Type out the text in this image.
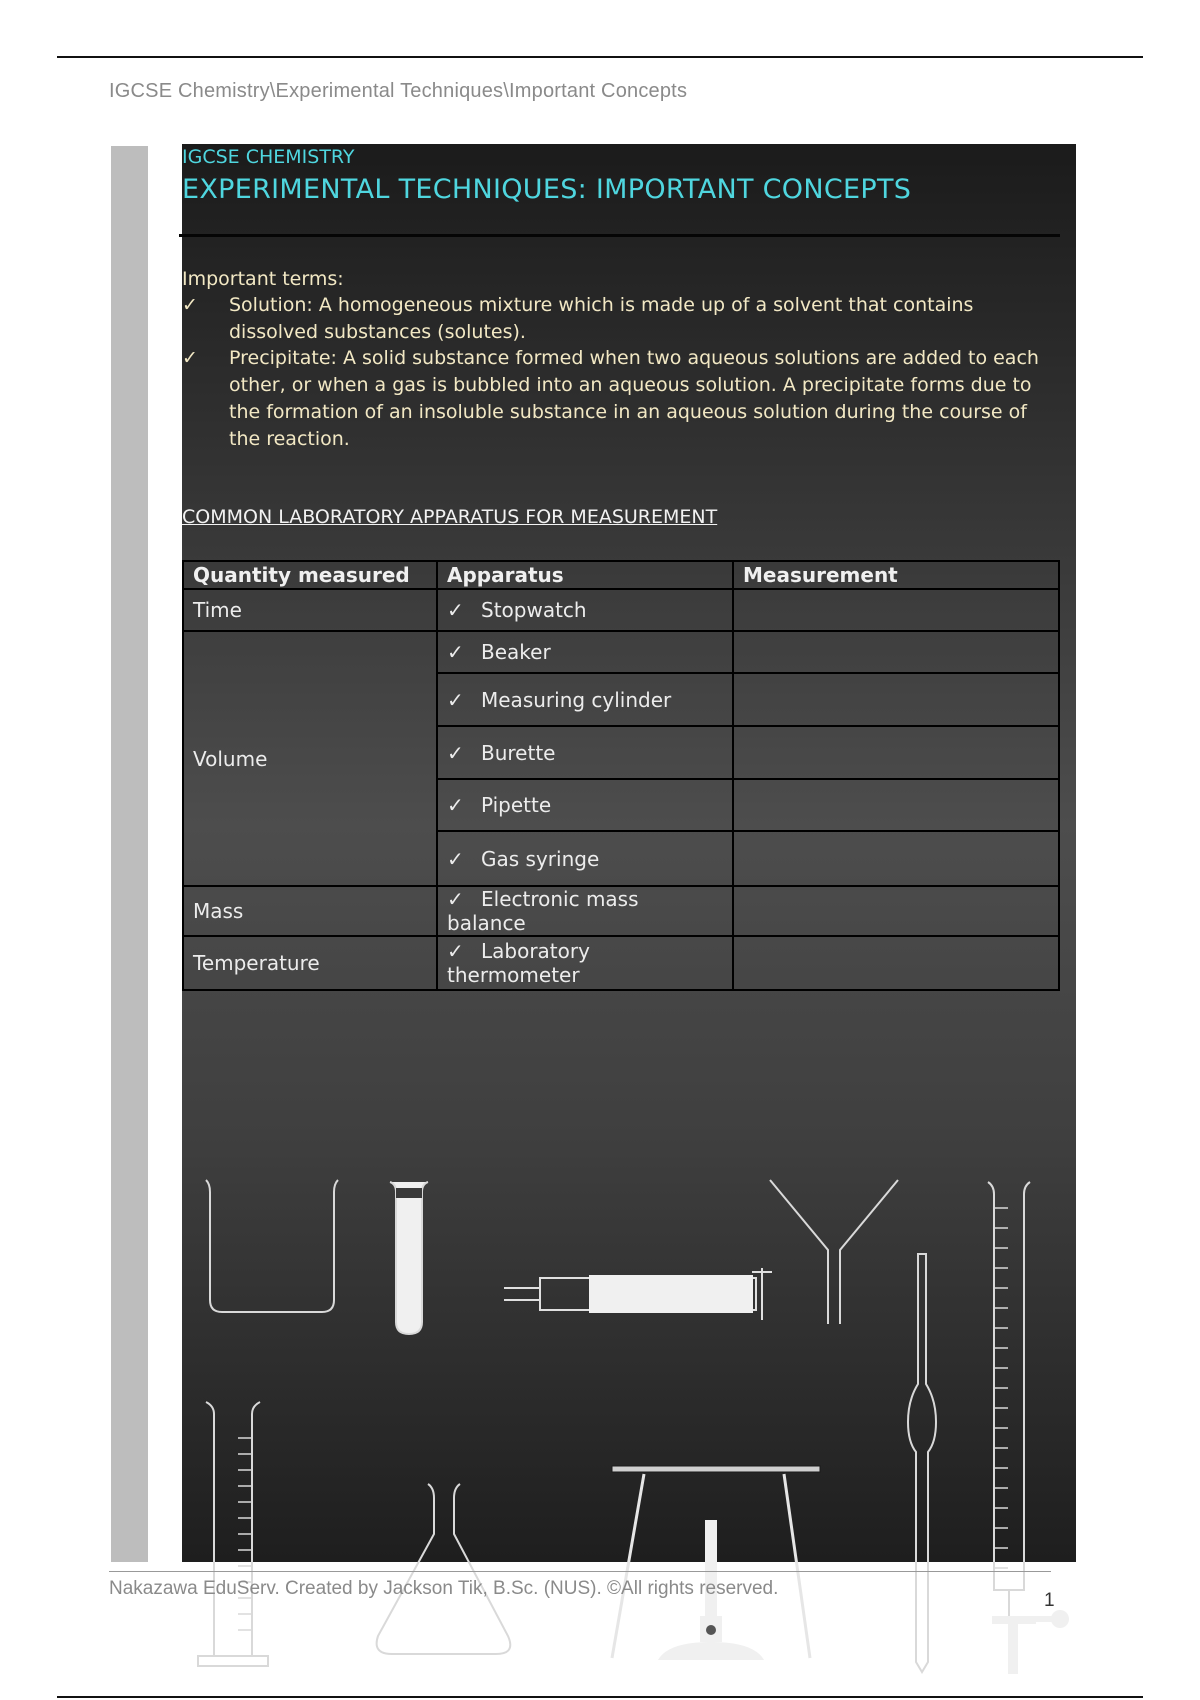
IGCSE Chemistry\Experimental Techniques\Important Concepts
IGCSE CHEMISTRY
EXPERIMENTAL TECHNIQUES: IMPORTANT CONCEPTS
Important terms:
✓	Solution: A homogeneous mixture which is made up of a solvent that contains dissolved substances (solutes).
✓	Precipitate: A solid substance formed when two aqueous solutions are added to each other, or when a gas is bubbled into an aqueous solution. A precipitate forms due to the formation of an insoluble substance in an aqueous solution during the course of the reaction.
COMMON LABORATORY APPARATUS FOR MEASUREMENT
Quantity measured	Apparatus	Measurement
Time	✓ Stopwatch	
Volume	✓ Beaker	
	✓ Measuring cylinder	
	✓ Burette	
	✓ Pipette	
	✓ Gas syringe	
Mass	✓ Electronic mass balance	
Temperature	✓ Laboratory thermometer	
Nakazawa EduServ. Created by Jackson Tik, B.Sc. (NUS). ©All rights reserved.
1
